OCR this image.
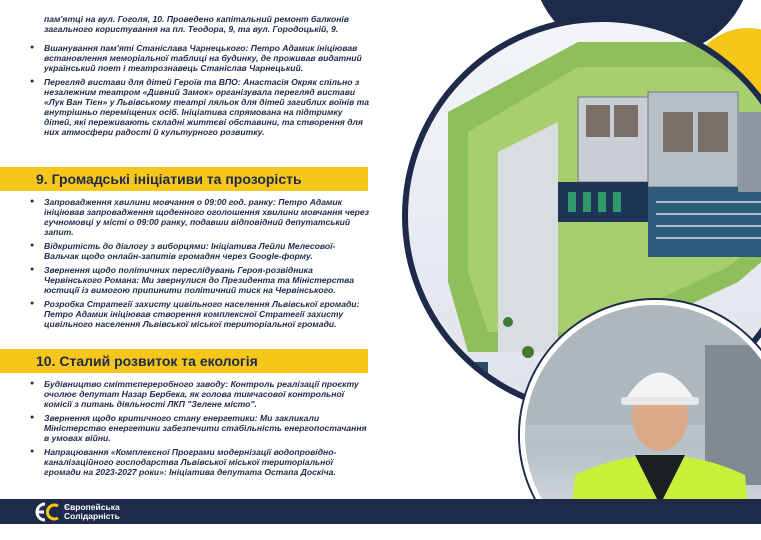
пам'ятці на вул. Гоголя, 10. Проведено капітальний ремонт балконів загального користування на пл. Теодора, 9, та вул. Городоцькій, 9.
● Вшанування пам'яті Станіслава Чарнецького: Петро Адамик ініціював встановлення меморіальної таблиці на будинку, де проживав видатний український поет і театрознавець Станіслав Чарнецький.
● Перегляд вистави для дітей Героїв та ВПО: Анастасія Окряк спільно з незалежним театром «Дивний Замок» організувала перегляд вистави «Лук Ван Тієн» у Львівському театрі ляльок для дітей загиблих воїнів та внутрішньо переміщених осіб. Ініціатива спрямована на підтримку дітей, які переживають складні життєві обставини, та створення для них атмосфери радості й культурного розвитку.
9. Громадські ініціативи та прозорість
● Запровадження хвилини мовчання о 09:00 год. ранку: Петро Адамик ініціював запровадження щоденного оголошення хвилини мовчання через гучномовці у місті о 09:00 ранку, подавши відповідний депутатський запит.
● Відкритість до діалогу з виборцями: Ініціатива Лейли Мелесової-Вальчак щодо онлайн-запитів громадян через Google-форму.
● Звернення щодо політичних переслідувань Героя-розвідника Червінського Романа: Ми звернулися до Президента та Міністерства юстиції із вимогою припинити політичний тиск на Червінського.
● Розробка Стратегії захисту цивільного населення Львівської громади: Петро Адамик ініціював створення комплексної Стратегії захисту цивільного населення Львівської міської територіальної громади.
10. Сталий розвиток та екологія
● Будівництво сміттєпереробного заводу: Контроль реалізації проєкту очолює депутат Назар Бербека, як голова тимчасової контрольної комісії з питань діяльності ЛКП "Зелене місто".
● Звернення щодо критичного стану енергетики: Ми закликали Міністерство енергетики забезпечити стабільність енергопостачання в умовах війни.
● Напрацювання «Комплексної Програми модернізації водопровідно-каналізаційного господарства Львівської міської територіальної громади на 2023-2027 роки»: Ініціатива депутата Остапа Доскіча.
Європейська
Солідарність
